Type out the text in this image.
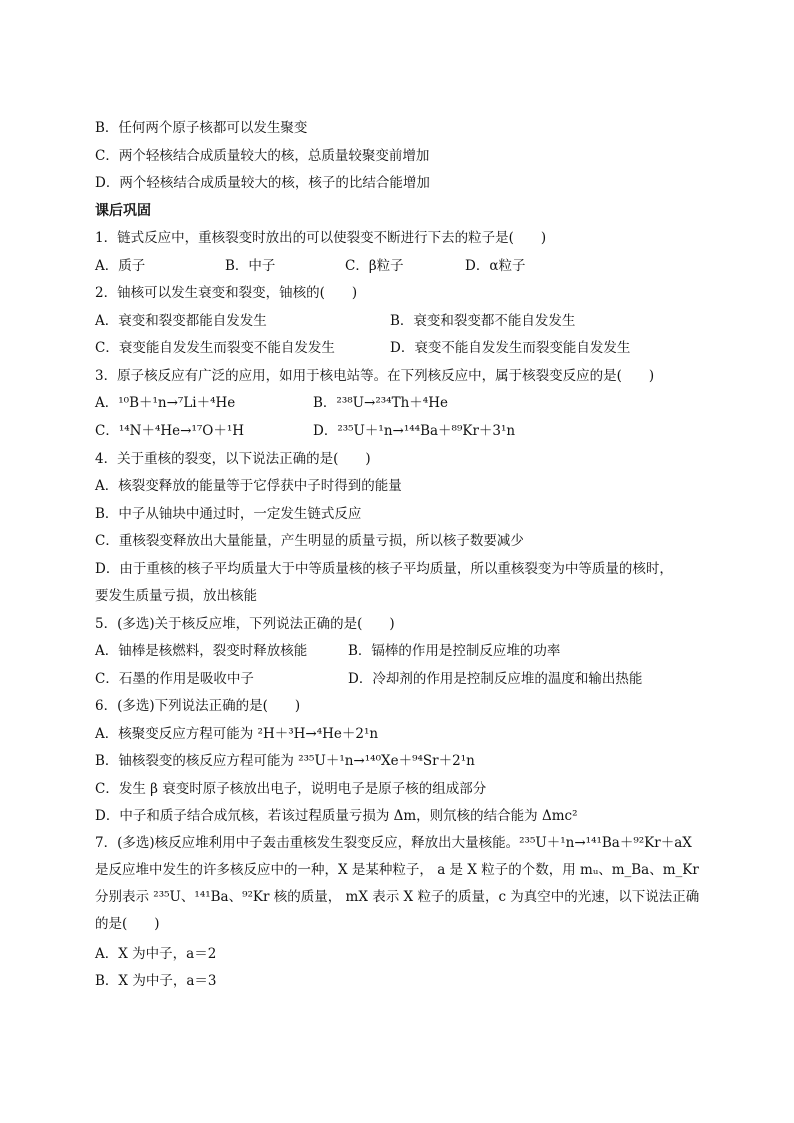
B．任何两个原子核都可以发生聚变
C．两个轻核结合成质量较大的核，总质量较聚变前增加
D．两个轻核结合成质量较大的核，核子的比结合能增加
课后巩固
1．链式反应中，重核裂变时放出的可以使裂变不断进行下去的粒子是(　　)
A．质子	B．中子	C．β粒子	D．α粒子
2．铀核可以发生衰变和裂变，铀核的(　　)
A．衰变和裂变都能自发发生	B．衰变和裂变都不能自发发生
C．衰变能自发发生而裂变不能自发发生	D．衰变不能自发发生而裂变能自发发生
3．原子核反应有广泛的应用，如用于核电站等。在下列核反应中，属于核裂变反应的是(　　)
A．¹⁰B＋¹n→⁷Li＋⁴He	B．²³⁸U→²³⁴Th＋⁴He
C．¹⁴N＋⁴He→¹⁷O＋¹H	D．²³⁵U＋¹n→¹⁴⁴Ba＋⁸⁹Kr＋3¹n
4．关于重核的裂变，以下说法正确的是(　　)
A．核裂变释放的能量等于它俘获中子时得到的能量
B．中子从铀块中通过时，一定发生链式反应
C．重核裂变释放出大量能量，产生明显的质量亏损，所以核子数要减少
D．由于重核的核子平均质量大于中等质量核的核子平均质量，所以重核裂变为中等质量的核时，
要发生质量亏损，放出核能
5．(多选)关于核反应堆，下列说法正确的是(　　)
A．铀棒是核燃料，裂变时释放核能	B．镉棒的作用是控制反应堆的功率
C．石墨的作用是吸收中子	D．冷却剂的作用是控制反应堆的温度和输出热能
6．(多选)下列说法正确的是(　　)
A．核聚变反应方程可能为 ²H＋³H→⁴He＋2¹n
B．铀核裂变的核反应方程可能为 ²³⁵U＋¹n→¹⁴⁰Xe＋⁹⁴Sr＋2¹n
C．发生 β 衰变时原子核放出电子，说明电子是原子核的组成部分
D．中子和质子结合成氘核，若该过程质量亏损为 Δm，则氘核的结合能为 Δmc²
7．(多选)核反应堆利用中子轰击重核发生裂变反应，释放出大量核能。²³⁵U＋¹n→¹⁴¹Ba＋⁹²Kr＋aX 是反应堆中发生的许多核反应中的一种，X 是某种粒子， a 是 X 粒子的个数，用 mᵤ、m_Ba、m_Kr 分别表示 ²³⁵U、¹⁴¹Ba、⁹²Kr 核的质量， mX 表示 X 粒子的质量，c 为真空中的光速，以下说法正确的是(　　)
A．X 为中子，a＝2
B．X 为中子，a＝3
